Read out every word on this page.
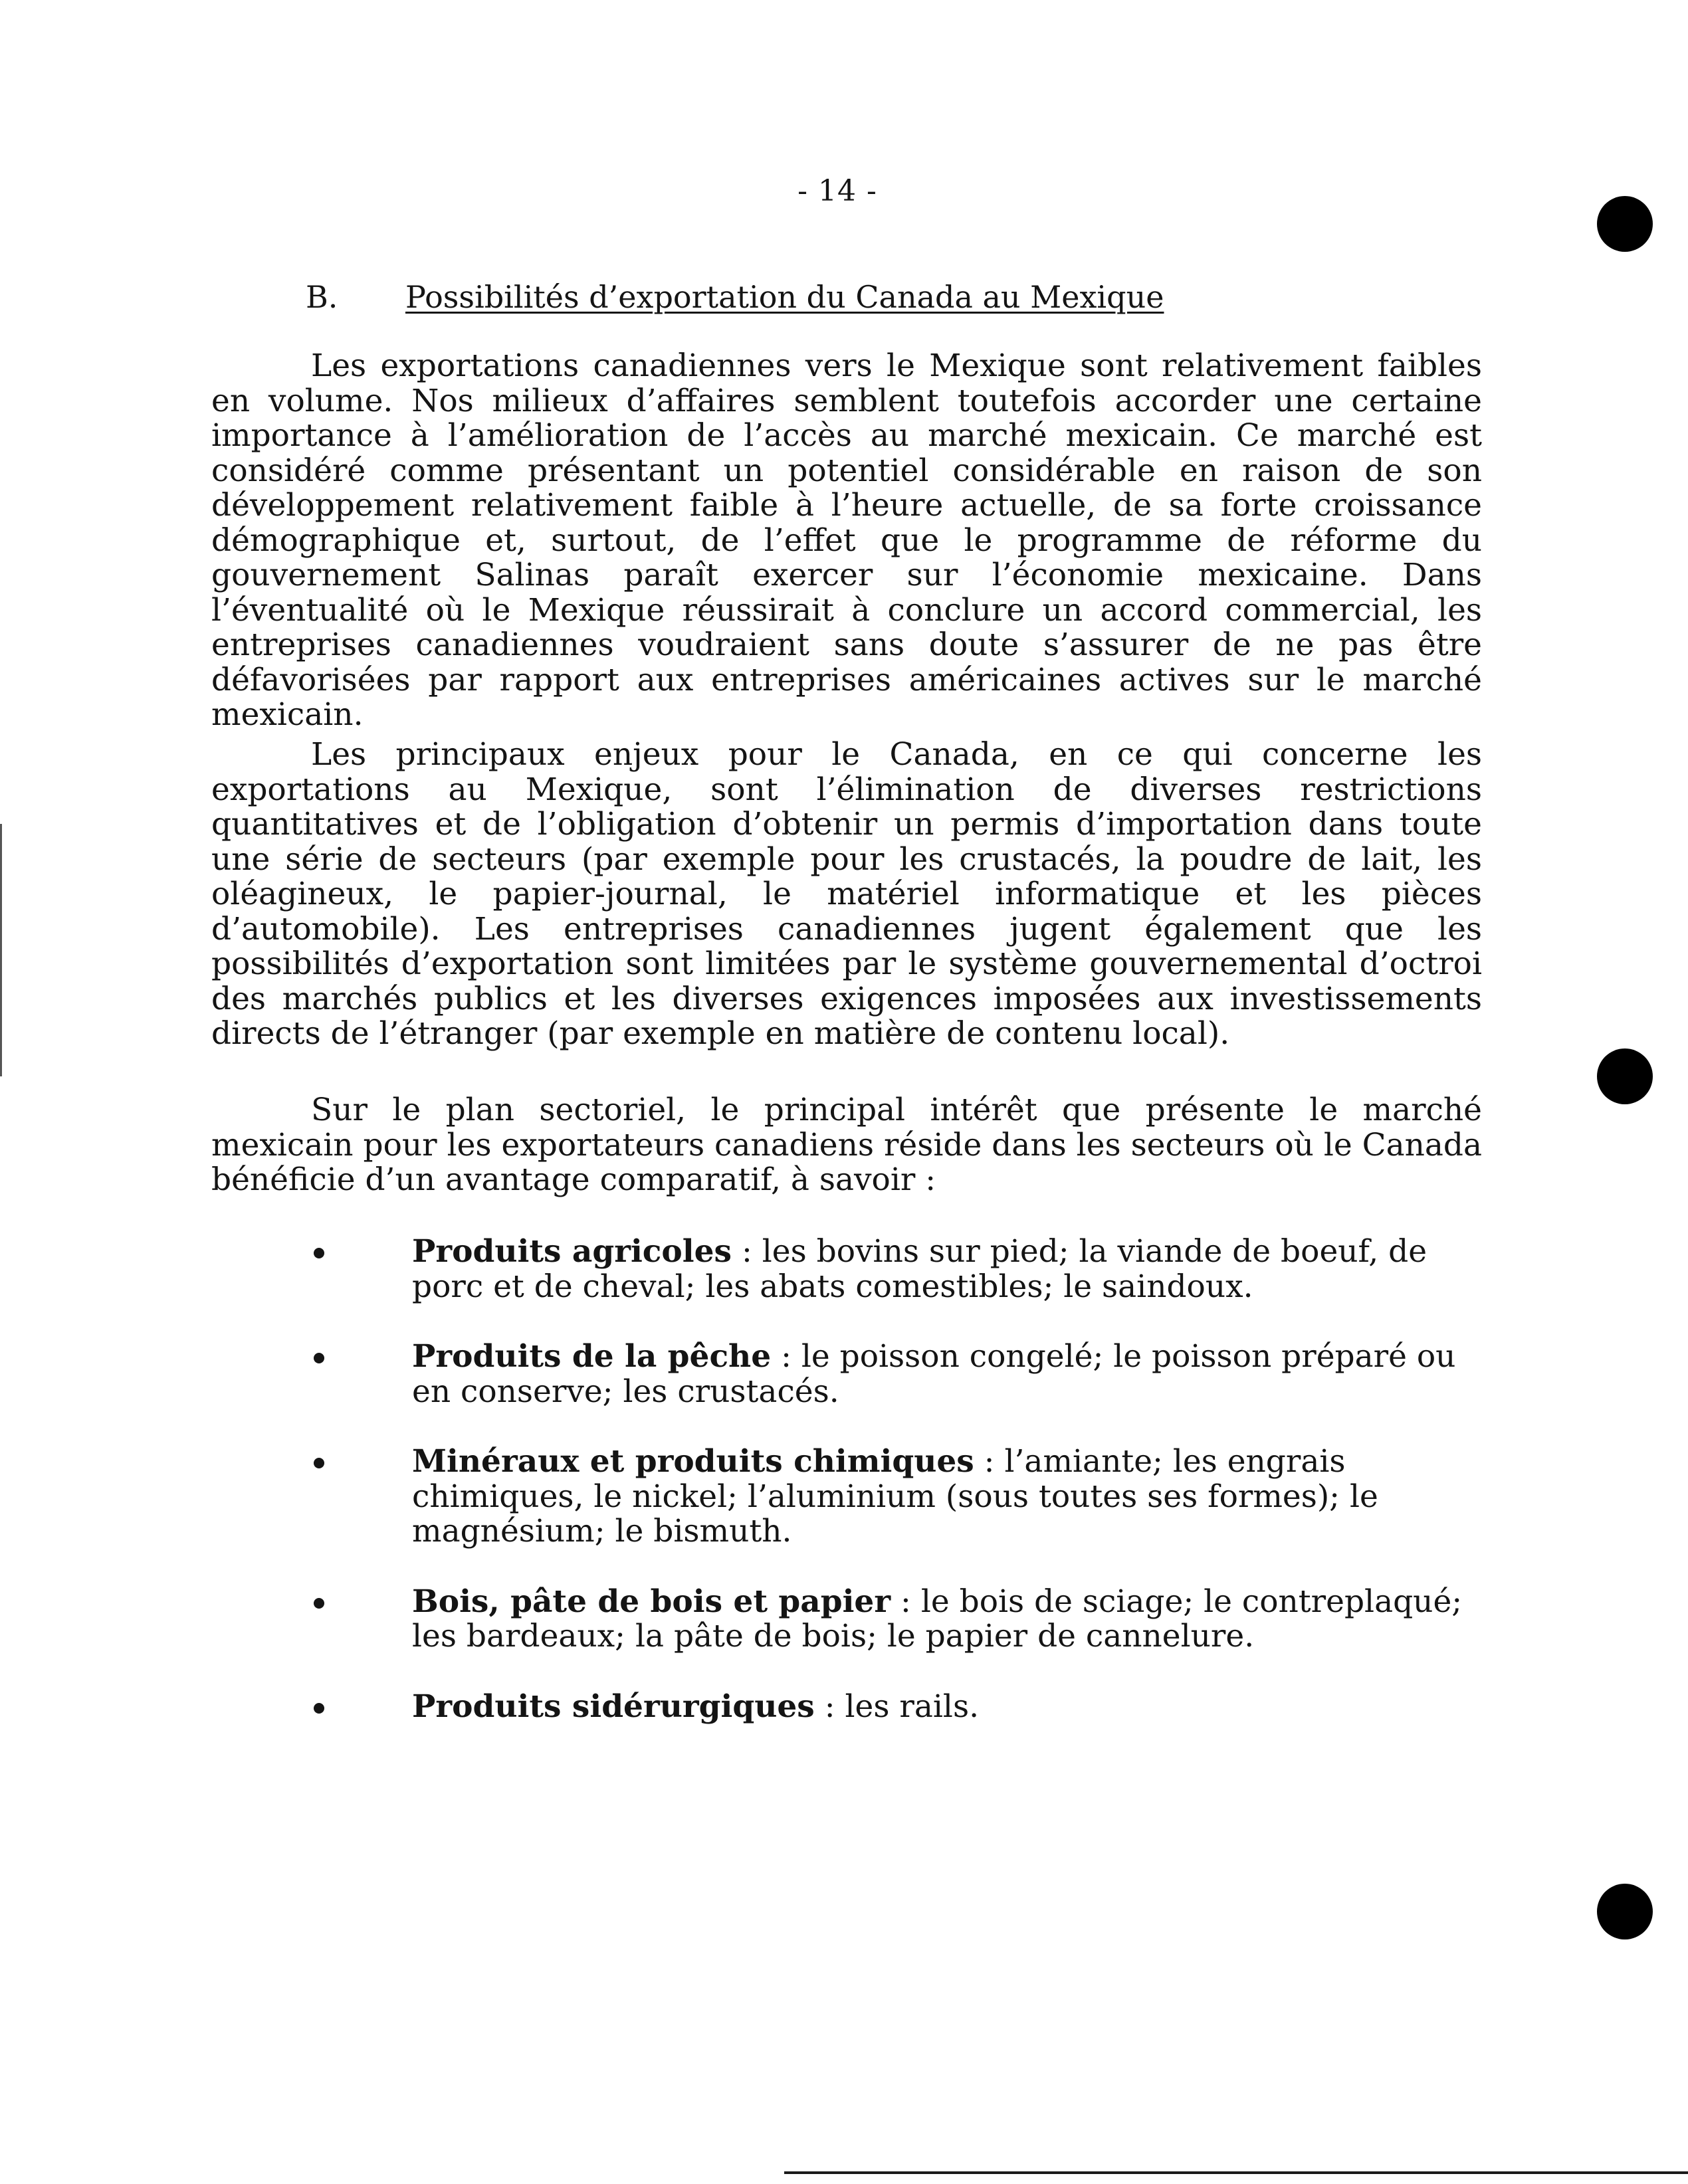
- 14 -
B. Possibilités d’exportation du Canada au Mexique

Les exportations canadiennes vers le Mexique sont relativement faibles en volume. Nos milieux d’affaires semblent toutefois accorder une certaine importance à l’amélioration de l’accès au marché mexicain. Ce marché est considéré comme présentant un potentiel considérable en raison de son développement relativement faible à l’heure actuelle, de sa forte croissance démographique et, surtout, de l’effet que le programme de réforme du gouvernement Salinas paraît exercer sur l’économie mexicaine. Dans l’éventualité où le Mexique réussirait à conclure un accord commercial, les entreprises canadiennes voudraient sans doute s’assurer de ne pas être défavorisées par rapport aux entreprises américaines actives sur le marché mexicain.

Les principaux enjeux pour le Canada, en ce qui concerne les exportations au Mexique, sont l’élimination de diverses restrictions quantitatives et de l’obligation d’obtenir un permis d’importation dans toute une série de secteurs (par exemple pour les crustacés, la poudre de lait, les oléagineux, le papier-journal, le matériel informatique et les pièces d’automobile). Les entreprises canadiennes jugent également que les possibilités d’exportation sont limitées par le système gouvernemental d’octroi des marchés publics et les diverses exigences imposées aux investissements directs de l’étranger (par exemple en matière de contenu local).

Sur le plan sectoriel, le principal intérêt que présente le marché mexicain pour les exportateurs canadiens réside dans les secteurs où le Canada bénéficie d’un avantage comparatif, à savoir :

Produits agricoles : les bovins sur pied; la viande de boeuf, de porc et de cheval; les abats comestibles; le saindoux.
Produits de la pêche : le poisson congelé; le poisson préparé ou en conserve; les crustacés.
Minéraux et produits chimiques : l’amiante; les engrais chimiques, le nickel; l’aluminium (sous toutes ses formes); le magnésium; le bismuth.
Bois, pâte de bois et papier : le bois de sciage; le contreplaqué; les bardeaux; la pâte de bois; le papier de cannelure.
Produits sidérurgiques : les rails.
